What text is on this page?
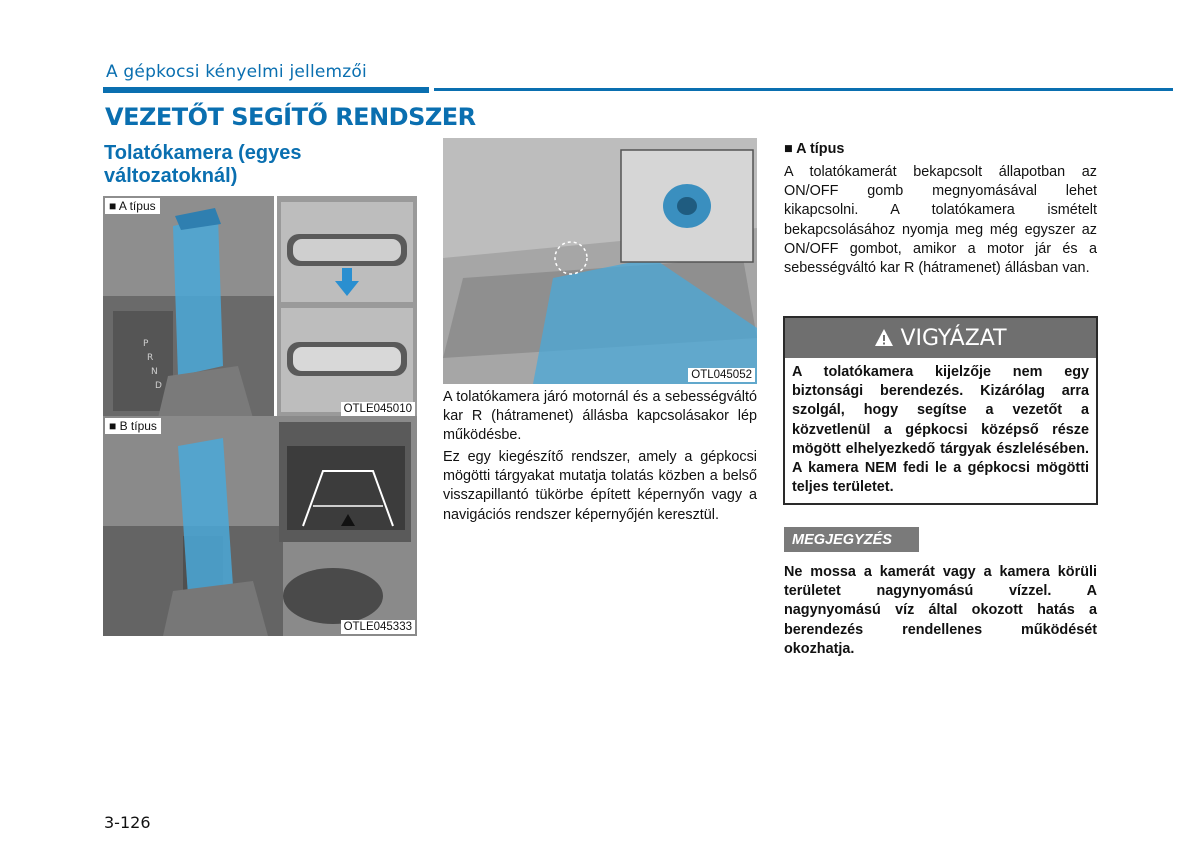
A gépkocsi kényelmi jellemzői
VEZETŐT SEGÍTŐ RENDSZER
Tolatókamera (egyes változatoknál)
P
R
N
D
■ A típus
OTLE045010
■ B típus
OTLE045333
OTL045052
A tolatókamera járó motornál és a sebességváltó kar R (hátramenet) állásba kapcsolásakor lép működésbe.
Ez egy kiegészítő rendszer, amely a gépkocsi mögötti tárgyakat mutatja tolatás közben a belső visszapillantó tükörbe épített képernyőn vagy a navigációs rendszer képernyőjén keresztül.
■ A típus
A tolatókamerát bekapcsolt állapotban az ON/OFF gomb megnyomásával lehet kikapcsolni. A tolatókamera ismételt bekapcsolásához nyomja meg még egyszer az ON/OFF gombot, amikor a motor jár és a sebességváltó kar R (hátramenet) állásban van.
VIGYÁZAT
A tolatókamera kijelzője nem egy biztonsági berendezés. Kizárólag arra szolgál, hogy segítse a vezetőt a közvetlenül a gépkocsi középső része mögött elhelyezkedő tárgyak észlelésében. A kamera NEM fedi le a gépkocsi mögötti teljes területet.
MEGJEGYZÉS
Ne mossa a kamerát vagy a kamera körüli területet nagynyomású vízzel. A nagynyomású víz által okozott hatás a berendezés rendellenes működését okozhatja.
3-126
